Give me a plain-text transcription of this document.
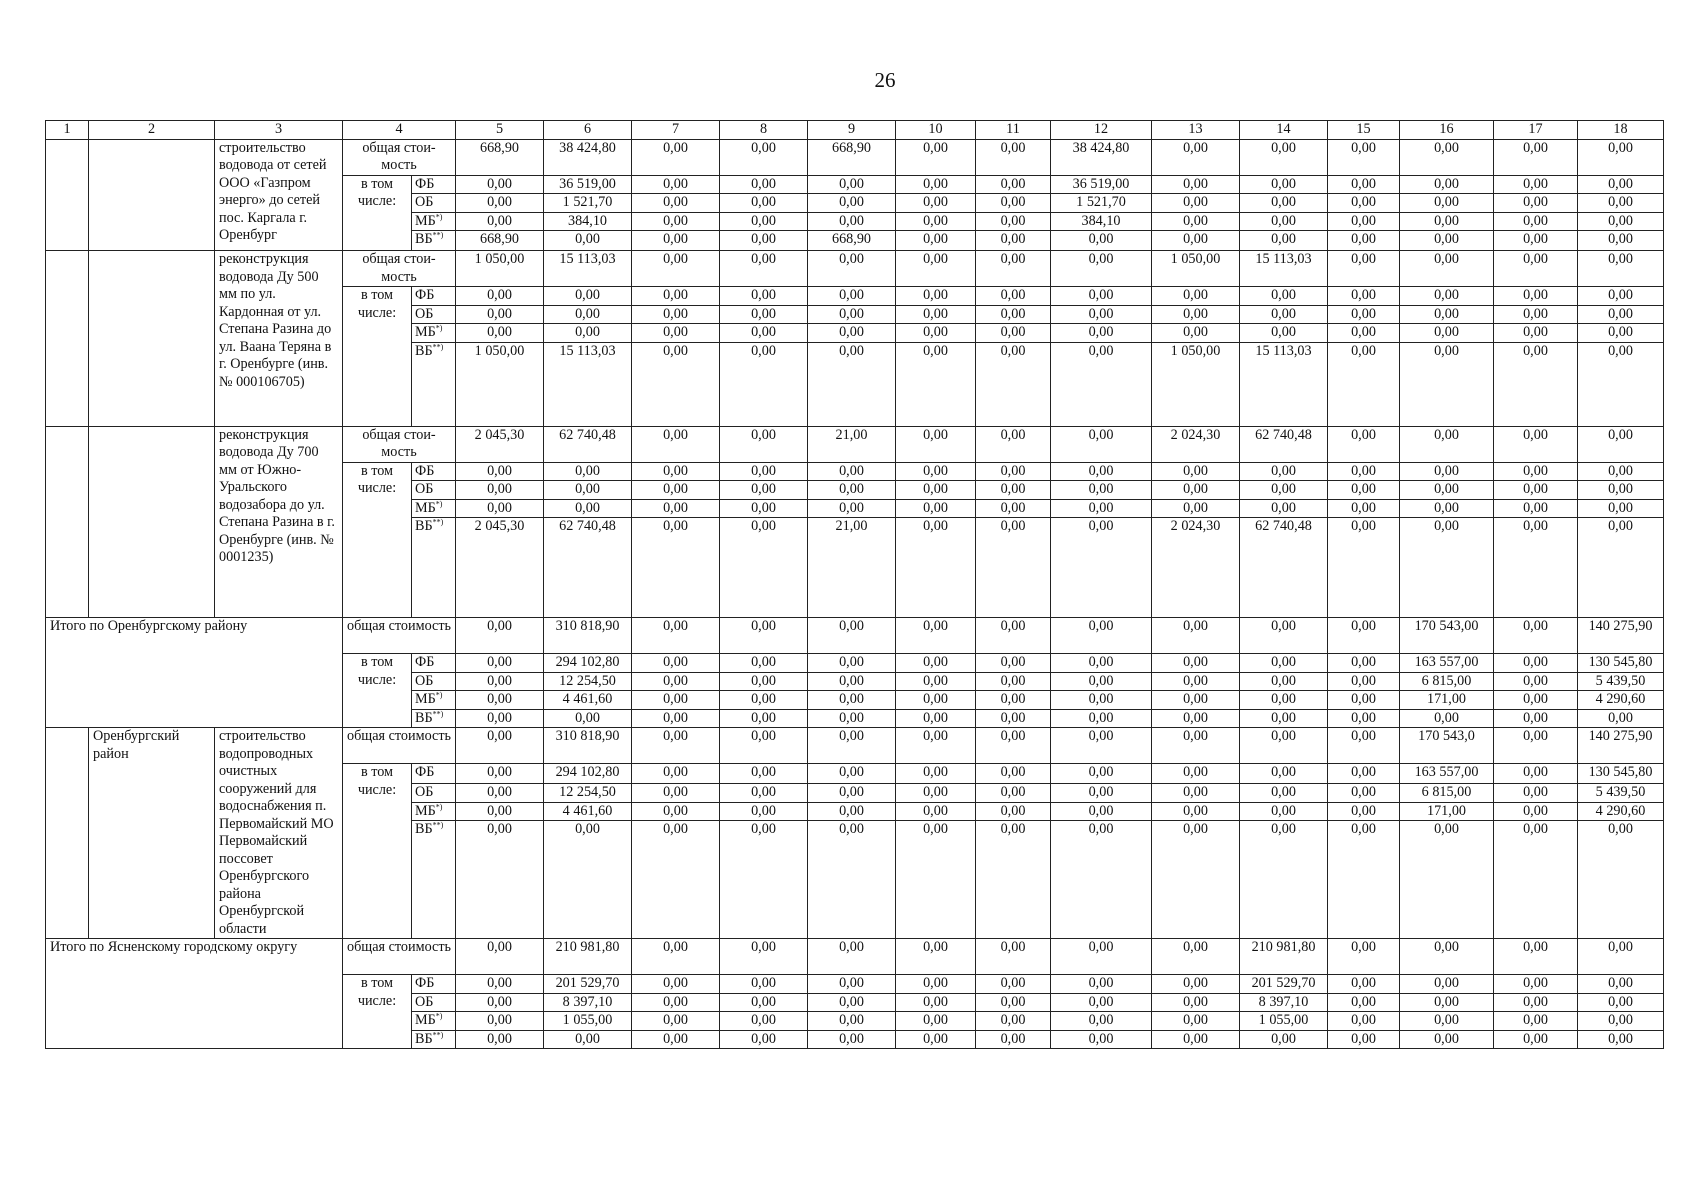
26
1	2	3	4		5	6	7	8	9	10	11	12	13	14	15	16	17	18
		строительство водовода от сетей ООО «Газпром энерго» до сетей пос. Каргала г. Оренбург	общая стои-мость		668,90	38 424,80	0,00	0,00	668,90	0,00	0,00	38 424,80	0,00	0,00	0,00	0,00	0,00	0,00
			в том числе:	ФБ	0,00	36 519,00	0,00	0,00	0,00	0,00	0,00	36 519,00	0,00	0,00	0,00	0,00	0,00	0,00
				ОБ	0,00	1 521,70	0,00	0,00	0,00	0,00	0,00	1 521,70	0,00	0,00	0,00	0,00	0,00	0,00
				МБ*)	0,00	384,10	0,00	0,00	0,00	0,00	0,00	384,10	0,00	0,00	0,00	0,00	0,00	0,00
				ВБ**)	668,90	0,00	0,00	0,00	668,90	0,00	0,00	0,00	0,00	0,00	0,00	0,00	0,00	0,00
		реконструкция водовода Ду 500 мм по ул. Кардонная от ул. Степана Разина до ул. Ваана Теряна в г. Оренбурге (инв. № 000106705)	общая стои-мость		1 050,00	15 113,03	0,00	0,00	0,00	0,00	0,00	0,00	1 050,00	15 113,03	0,00	0,00	0,00	0,00
			в том числе:	ФБ	0,00	0,00	0,00	0,00	0,00	0,00	0,00	0,00	0,00	0,00	0,00	0,00	0,00	0,00
				ОБ	0,00	0,00	0,00	0,00	0,00	0,00	0,00	0,00	0,00	0,00	0,00	0,00	0,00	0,00
				МБ*)	0,00	0,00	0,00	0,00	0,00	0,00	0,00	0,00	0,00	0,00	0,00	0,00	0,00	0,00
				ВБ**)	1 050,00	15 113,03	0,00	0,00	0,00	0,00	0,00	0,00	1 050,00	15 113,03	0,00	0,00	0,00	0,00
		реконструкция водовода Ду 700 мм от Южно-Уральского водозабора до ул. Степана Разина в г. Оренбурге (инв. № 0001235)	общая стои-мость		2 045,30	62 740,48	0,00	0,00	21,00	0,00	0,00	0,00	2 024,30	62 740,48	0,00	0,00	0,00	0,00
			в том числе:	ФБ	0,00	0,00	0,00	0,00	0,00	0,00	0,00	0,00	0,00	0,00	0,00	0,00	0,00	0,00
				ОБ	0,00	0,00	0,00	0,00	0,00	0,00	0,00	0,00	0,00	0,00	0,00	0,00	0,00	0,00
				МБ*)	0,00	0,00	0,00	0,00	0,00	0,00	0,00	0,00	0,00	0,00	0,00	0,00	0,00	0,00
				ВБ**)	2 045,30	62 740,48	0,00	0,00	21,00	0,00	0,00	0,00	2 024,30	62 740,48	0,00	0,00	0,00	0,00
Итого по Оренбургскому району			общая стоимость		0,00	310 818,90	0,00	0,00	0,00	0,00	0,00	0,00	0,00	0,00	0,00	170 543,00	0,00	140 275,90
			в том числе:	ФБ	0,00	294 102,80	0,00	0,00	0,00	0,00	0,00	0,00	0,00	0,00	0,00	163 557,00	0,00	130 545,80
				ОБ	0,00	12 254,50	0,00	0,00	0,00	0,00	0,00	0,00	0,00	0,00	0,00	6 815,00	0,00	5 439,50
				МБ*)	0,00	4 461,60	0,00	0,00	0,00	0,00	0,00	0,00	0,00	0,00	0,00	171,00	0,00	4 290,60
				ВБ**)	0,00	0,00	0,00	0,00	0,00	0,00	0,00	0,00	0,00	0,00	0,00	0,00	0,00	0,00
	Оренбургский район	строительство водопроводных очистных сооружений для водоснабжения п. Первомайский МО Первомайский поссовет Оренбургского района Оренбургской области	общая стоимость		0,00	310 818,90	0,00	0,00	0,00	0,00	0,00	0,00	0,00	0,00	0,00	170 543,0	0,00	140 275,90
			в том числе:	ФБ	0,00	294 102,80	0,00	0,00	0,00	0,00	0,00	0,00	0,00	0,00	0,00	163 557,00	0,00	130 545,80
				ОБ	0,00	12 254,50	0,00	0,00	0,00	0,00	0,00	0,00	0,00	0,00	0,00	6 815,00	0,00	5 439,50
				МБ*)	0,00	4 461,60	0,00	0,00	0,00	0,00	0,00	0,00	0,00	0,00	0,00	171,00	0,00	4 290,60
				ВБ**)	0,00	0,00	0,00	0,00	0,00	0,00	0,00	0,00	0,00	0,00	0,00	0,00	0,00	0,00
Итого по Ясненскому городскому округу			общая стоимость		0,00	210 981,80	0,00	0,00	0,00	0,00	0,00	0,00	0,00	210 981,80	0,00	0,00	0,00	0,00
			в том числе:	ФБ	0,00	201 529,70	0,00	0,00	0,00	0,00	0,00	0,00	0,00	201 529,70	0,00	0,00	0,00	0,00
				ОБ	0,00	8 397,10	0,00	0,00	0,00	0,00	0,00	0,00	0,00	8 397,10	0,00	0,00	0,00	0,00
				МБ*)	0,00	1 055,00	0,00	0,00	0,00	0,00	0,00	0,00	0,00	1 055,00	0,00	0,00	0,00	0,00
				ВБ**)	0,00	0,00	0,00	0,00	0,00	0,00	0,00	0,00	0,00	0,00	0,00	0,00	0,00	0,00
